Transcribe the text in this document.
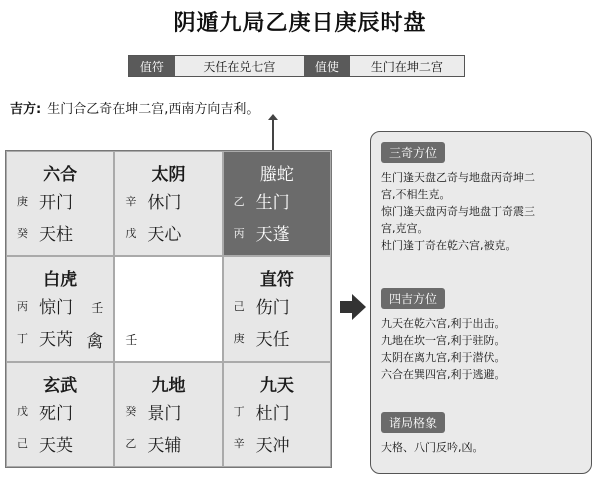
阴遁九局乙庚日庚辰时盘
值符	天任在兑七宫	值使	生门在坤二宫
吉方: 生门合乙奇在坤二宫,西南方向吉利。
六合
庚 开门
癸 天柱
太阴
辛 休门
戊 天心
螣蛇
乙 生门
丙 天蓬
白虎
丙 惊门 壬
丁 天芮 禽 壬
直符
己 伤门
庚 天任
玄武
戊 死门
己 天英
九地
癸 景门
乙 天辅
九天
丁 杜门
辛 天冲
三奇方位
生门逢天盘乙奇与地盘丙奇坤二
宫,不相生克。
惊门逢天盘丙奇与地盘丁奇震三
宫,克宫。
杜门逢丁奇在乾六宫,被克。
四吉方位
九天在乾六宫,利于出击。
九地在坎一宫,利于驻防。
太阴在离九宫,利于潜伏。
六合在巽四宫,利于逃避。
诸局格象
大格、八门反吟,凶。
